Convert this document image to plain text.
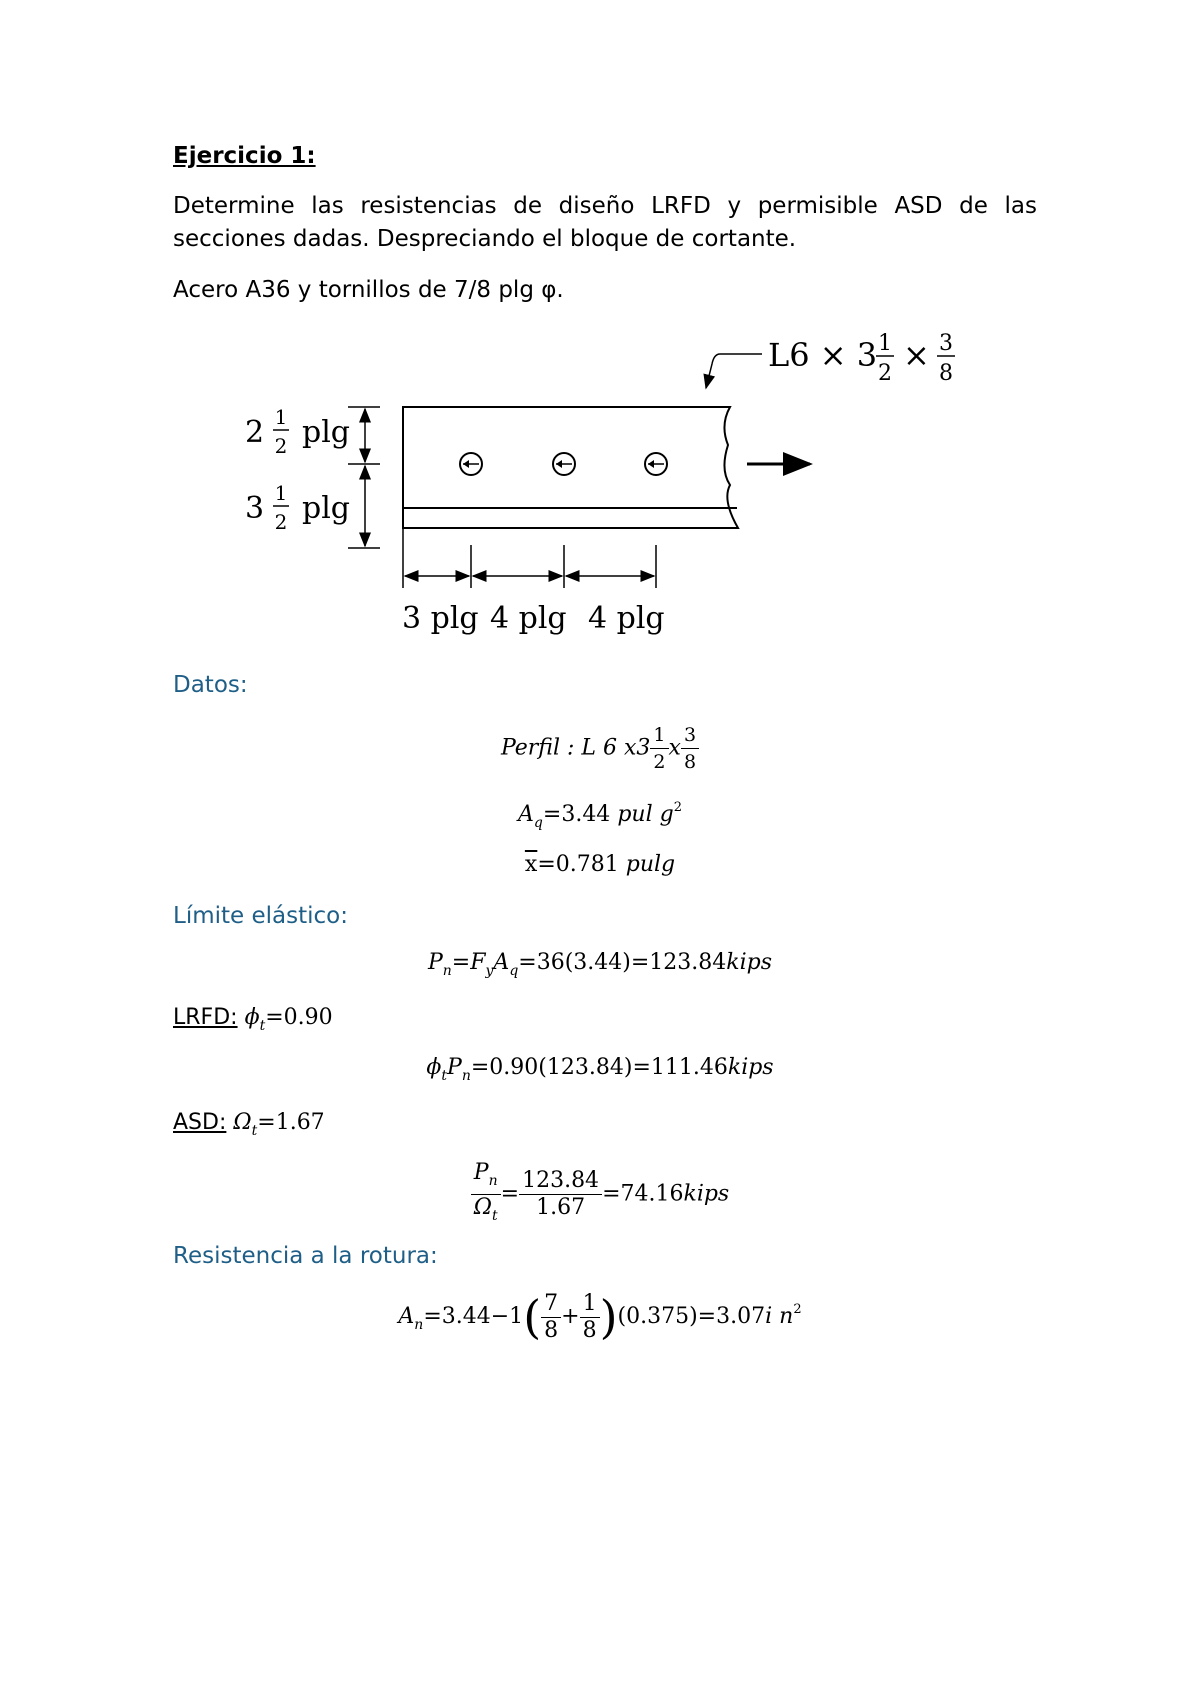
Ejercicio 1:
Determine las resistencias de diseño LRFD y permisible ASD de las secciones dadas. Despreciando el bloque de cortante.
Acero A36 y tornillos de 7/8 plg φ.
L6 × 3 1
2 × 3
8
2 1
2 plg
3 1
2 plg
3 plg 4 plg 4 plg
Datos:
Perfil : L 6 $x3 \frac{1}{2}$ x $\frac{3}{8}$
$A_q=3.44$ pul $g^2$
$\overline{x}=0.781$ pulg
Límite elástico:
$P_n=F_yA_q=36(3.44)=123.84kips$
LRFD: $\phi_t=0.90$
$\phi_tP_n=0.90(123.84)=111.46kips$
ASD: $\Omega_t=1.67$
$\frac{P_n}{\Omega_t} = \frac{123.84}{1.67}$ =74.16kips
Resistencia a la rotura:
$A_n=3.44-1( \frac{7}{8} + \frac{1}{8} )(0.375)=3.07i$ $n^2$
